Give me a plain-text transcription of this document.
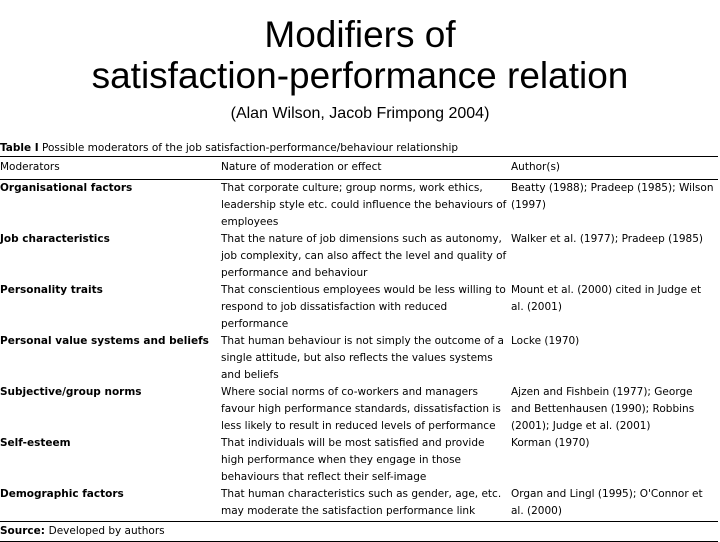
Modifiers of
satisfaction-performance relation
(Alan Wilson, Jacob Frimpong 2004)
Table I Possible moderators of the job satisfaction-performance/behaviour relationship
Moderators	Nature of moderation or effect	Author(s)

Organisational factors	That corporate culture; group norms, work ethics, leadership style etc. could influence the behaviours of employees	Beatty (1988); Pradeep (1985); Wilson (1997)

Job characteristics	That the nature of job dimensions such as autonomy, job complexity, can also affect the level and quality of performance and behaviour	Walker et al. (1977); Pradeep (1985)

Personality traits	That conscientious employees would be less willing to respond to job dissatisfaction with reduced performance	Mount et al. (2000) cited in Judge et al. (2001)

Personal value systems and beliefs	That human behaviour is not simply the outcome of a single attitude, but also reflects the values systems and beliefs	Locke (1970)

Subjective/group norms	Where social norms of co-workers and managers favour high performance standards, dissatisfaction is less likely to result in reduced levels of performance	Ajzen and Fishbein (1977); George and Bettenhausen (1990); Robbins (2001); Judge et al. (2001)

Self-esteem	That individuals will be most satisfied and provide high performance when they engage in those behaviours that reflect their self-image	Korman (1970)

Demographic factors	That human characteristics such as gender, age, etc. may moderate the satisfaction performance link	Organ and Lingl (1995); O'Connor et al. (2000)

Source: Developed by authors		
